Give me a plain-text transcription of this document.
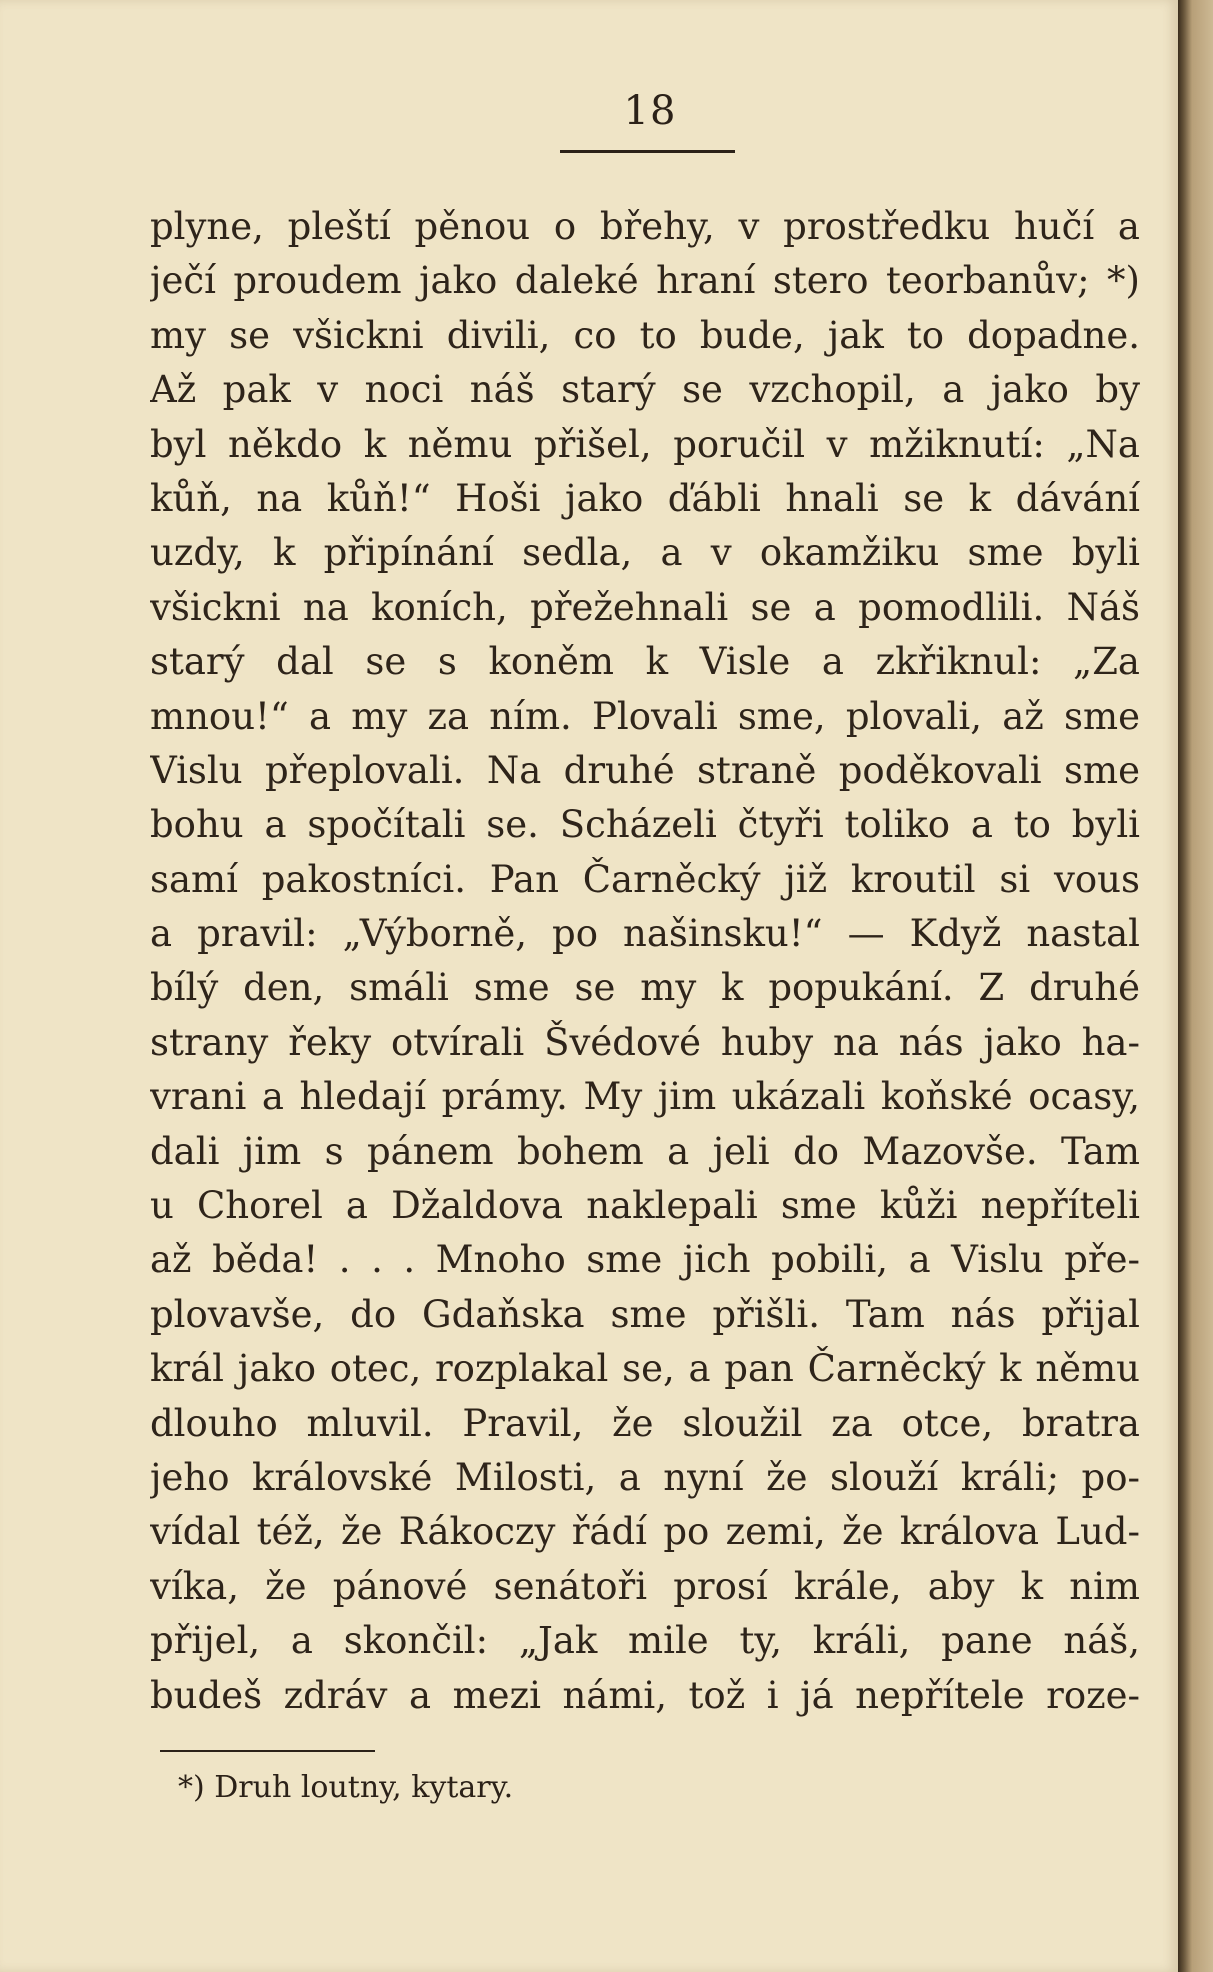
18
plyne, pleští pěnou o břehy, v prostředku hučí a
ječí proudem jako daleké hraní stero teorbanův; *)
my se všickni divili, co to bude, jak to dopadne.
Až pak v noci náš starý se vzchopil, a jako by
byl někdo k němu přišel, poručil v mžiknutí: „Na
kůň, na kůň!“ Hoši jako ďábli hnali se k dávání
uzdy, k připínání sedla, a v okamžiku sme byli
všickni na koních, přežehnali se a pomodlili. Náš
starý dal se s koněm k Visle a zkřiknul: „Za
mnou!“ a my za ním. Plovali sme, plovali, až sme
Vislu přeplovali. Na druhé straně poděkovali sme
bohu a spočítali se. Scházeli čtyři toliko a to byli
samí pakostníci. Pan Čarněcký již kroutil si vous
a pravil: „Výborně, po našinsku!“ — Když nastal
bílý den, smáli sme se my k popukání. Z druhé
strany řeky otvírali Švédové huby na nás jako ha-
vrani a hledají prámy. My jim ukázali koňské ocasy,
dali jim s pánem bohem a jeli do Mazovše. Tam
u Chorel a Džaldova naklepali sme kůži nepříteli
až běda! . . . Mnoho sme jich pobili, a Vislu pře-
plovavše, do Gdaňska sme přišli. Tam nás přijal
král jako otec, rozplakal se, a pan Čarněcký k němu
dlouho mluvil. Pravil, že sloužil za otce, bratra
jeho královské Milosti, a nyní že slouží králi; po-
vídal též, že Rákoczy řádí po zemi, že králova Lud-
víka, že pánové senátoři prosí krále, aby k nim
přijel, a skončil: „Jak mile ty, králi, pane náš,
budeš zdráv a mezi námi, tož i já nepřítele roze-
*) Druh loutny, kytary.
